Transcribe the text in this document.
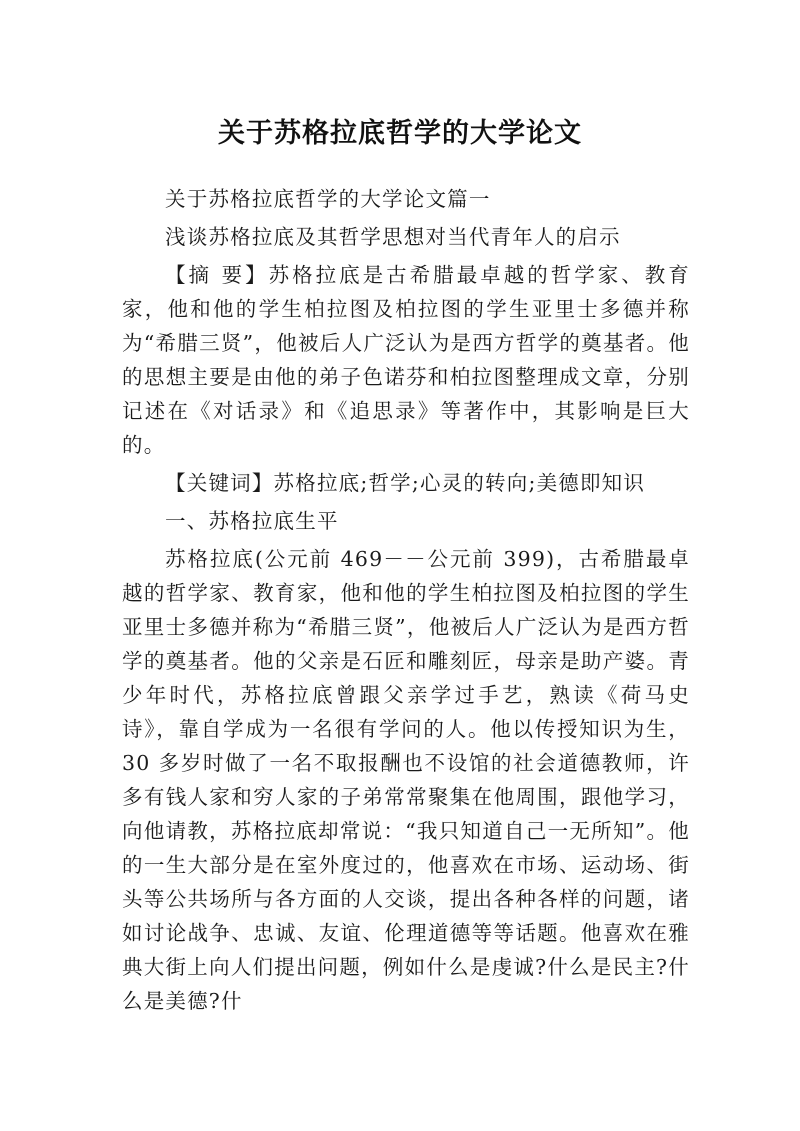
关于苏格拉底哲学的大学论文

关于苏格拉底哲学的大学论文篇一

浅谈苏格拉底及其哲学思想对当代青年人的启示

【摘 要】苏格拉底是古希腊最卓越的哲学家、教育家，他和他的学生柏拉图及柏拉图的学生亚里士多德并称为“希腊三贤”，他被后人广泛认为是西方哲学的奠基者。他的思想主要是由他的弟子色诺芬和柏拉图整理成文章，分别记述在《对话录》和《追思录》等著作中，其影响是巨大的。

【关键词】苏格拉底;哲学;心灵的转向;美德即知识

一、苏格拉底生平

苏格拉底(公元前 469－－公元前 399)，古希腊最卓越的哲学家、教育家，他和他的学生柏拉图及柏拉图的学生亚里士多德并称为“希腊三贤”，他被后人广泛认为是西方哲学的奠基者。他的父亲是石匠和雕刻匠，母亲是助产婆。青少年时代，苏格拉底曾跟父亲学过手艺，熟读《荷马史诗》，靠自学成为一名很有学问的人。他以传授知识为生，30 多岁时做了一名不取报酬也不设馆的社会道德教师，许多有钱人家和穷人家的子弟常常聚集在他周围，跟他学习，向他请教，苏格拉底却常说：“我只知道自己一无所知”。他的一生大部分是在室外度过的，他喜欢在市场、运动场、街头等公共场所与各方面的人交谈，提出各种各样的问题，诸如讨论战争、忠诚、友谊、伦理道德等等话题。他喜欢在雅典大街上向人们提出问题，例如什么是虔诚?什么是民主?什么是美德?什
